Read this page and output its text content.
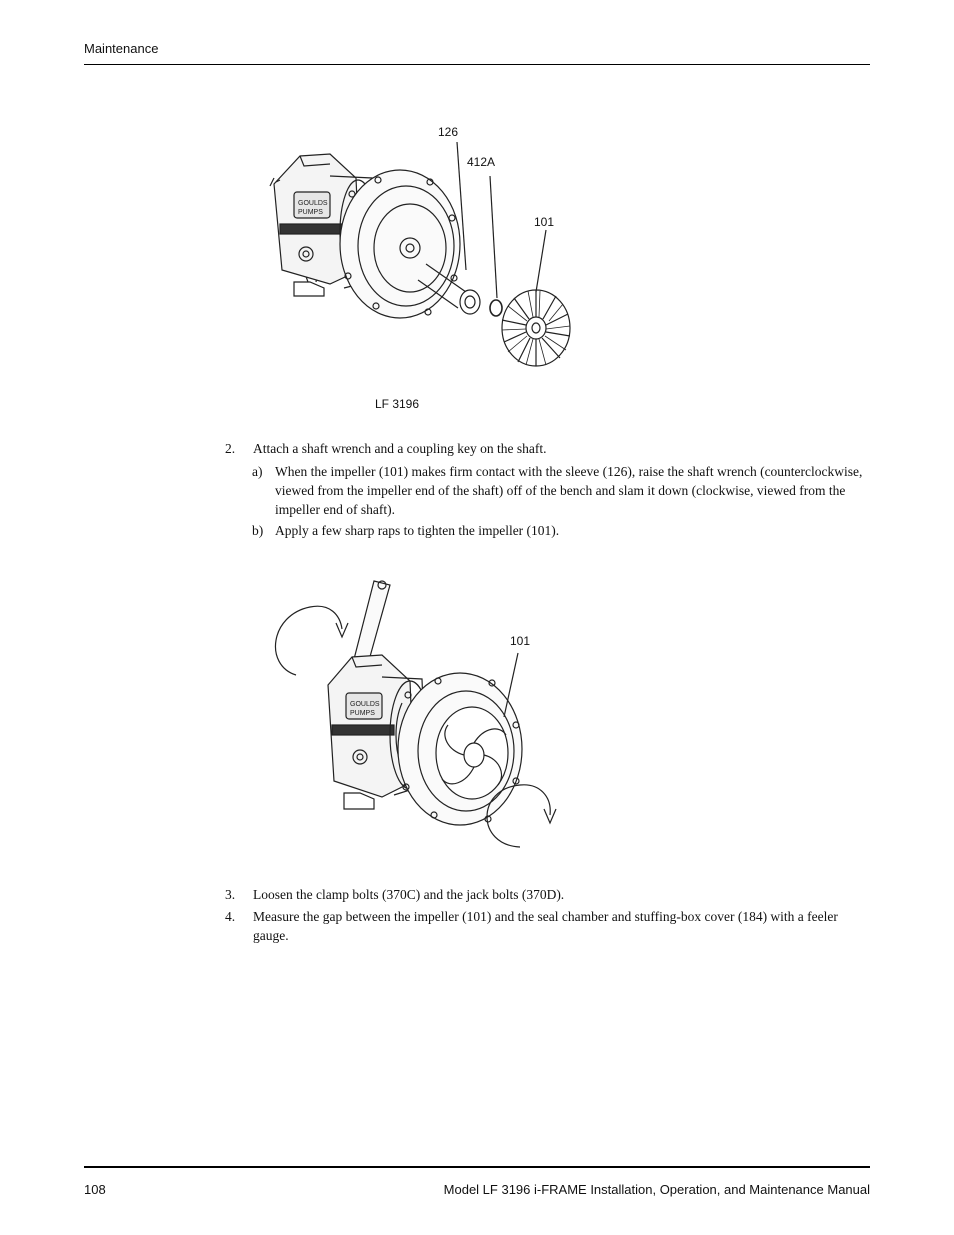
Maintenance
GOULDS
PUMPS
126
412A
101
LF 3196
2. Attach a shaft wrench and a coupling key on the shaft.
a) When the impeller (101) makes firm contact with the sleeve (126), raise the shaft wrench (counterclockwise, viewed from the impeller end of the shaft) off of the bench and slam it down (clockwise, viewed from the impeller end of shaft).
b) Apply a few sharp raps to tighten the impeller (101).
GOULDS
PUMPS
101
3. Loosen the clamp bolts (370C) and the jack bolts (370D).
4. Measure the gap between the impeller (101) and the seal chamber and stuffing-box cover (184) with a feeler gauge.
108	Model LF 3196 i-FRAME Installation, Operation, and Maintenance Manual
